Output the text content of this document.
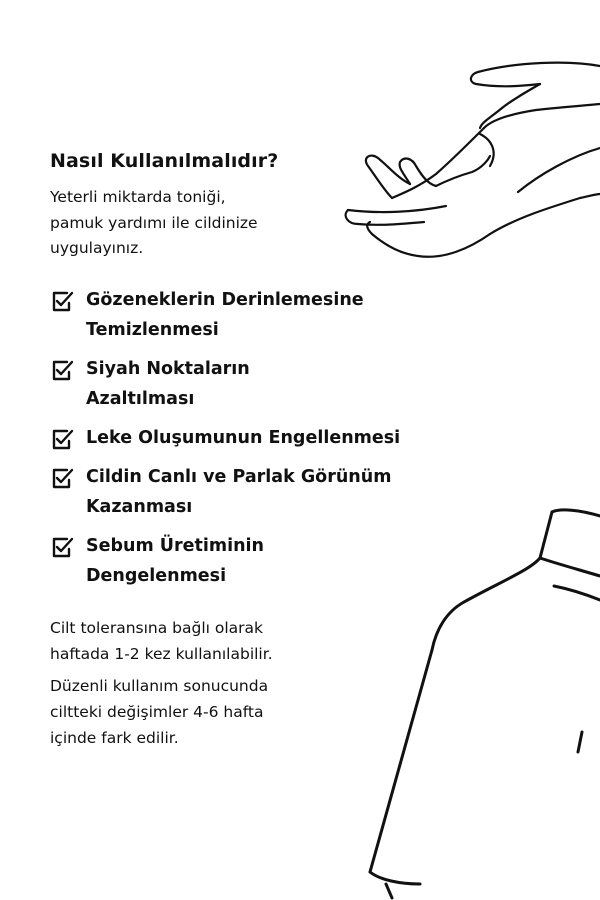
Nasıl Kullanılmalıdır?
Yeterli miktarda toniği,
pamuk yardımı ile cildinize
uygulayınız.
Gözeneklerin Derinlemesine
Temizlenmesi
Siyah Noktaların
Azaltılması
Leke Oluşumunun Engellenmesi
Cildin Canlı ve Parlak Görünüm
Kazanması
Sebum Üretiminin
Dengelenmesi
Cilt toleransına bağlı olarak
haftada 1-2 kez kullanılabilir.
Düzenli kullanım sonucunda
ciltteki değişimler 4-6 hafta
içinde fark edilir.
